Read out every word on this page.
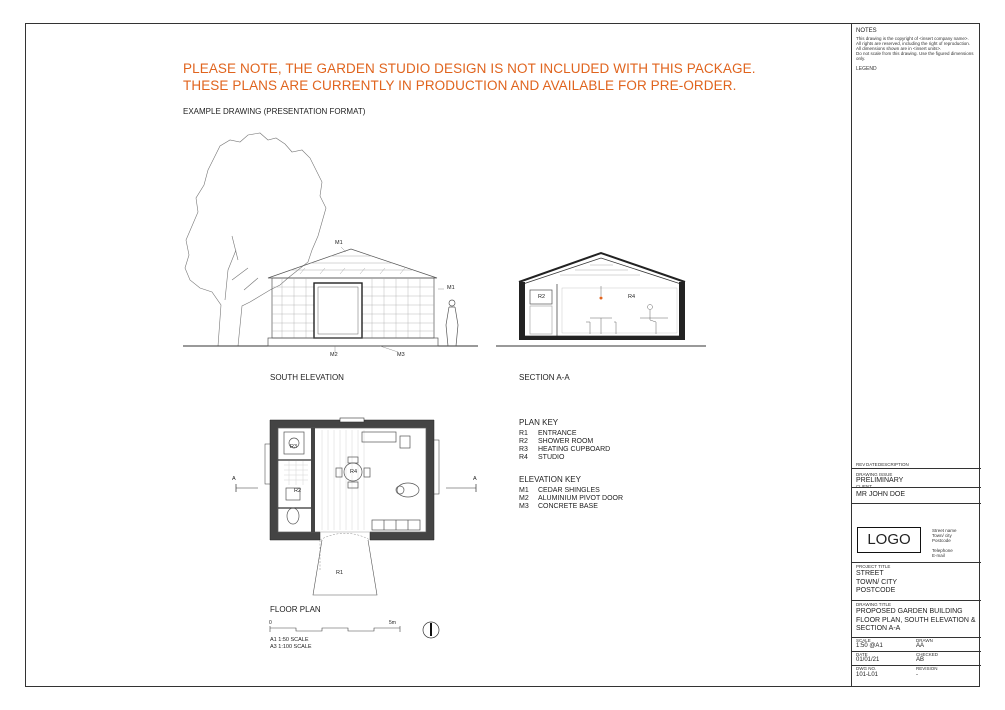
PLEASE NOTE, THE GARDEN STUDIO DESIGN IS NOT INCLUDED WITH THIS PACKAGE.
THESE PLANS ARE CURRENTLY IN PRODUCTION AND AVAILABLE FOR PRE-ORDER.
EXAMPLE DRAWING (PRESENTATION FORMAT)
M1
M1
M2	M3
R2	R4
R3
R2
R4
R1
A	A
SOUTH ELEVATION	SECTION A-A
FLOOR PLAN
0	5m
A1 1:50 SCALE
A3 1:100 SCALE
PLAN KEY
R1 ENTRANCE
R2 SHOWER ROOM
R3 HEATING CUPBOARD
R4 STUDIO
ELEVATION KEY
M1 CEDAR SHINGLES
M2 ALUMINIUM PIVOT DOOR
M3 CONCRETE BASE
NOTES
This drawing is the copyright of <insert company name>.
All rights are reserved, including the right of reproduction.
All dimensions shown are in <insert units>.
Do not scale from this drawing. Use the figured dimensions only.
LEGEND
REV DATE DESCRIPTION
DRAWING ISSUE
PRELIMINARY
CLIENT
MR JOHN DOE
LOGO
Street name
Town/ city
Postcode
Telephone
E-mail
PROJECT TITLE
STREET
TOWN/ CITY
POSTCODE
DRAWING TITLE
PROPOSED GARDEN BUILDING
FLOOR PLAN, SOUTH ELEVATION &
SECTION A-A
SCALE
1:50 @A1
DRAWN
AA
DATE
01/01/21
CHECKED
AB
DWG NO.
101-L01
REVISION
-
